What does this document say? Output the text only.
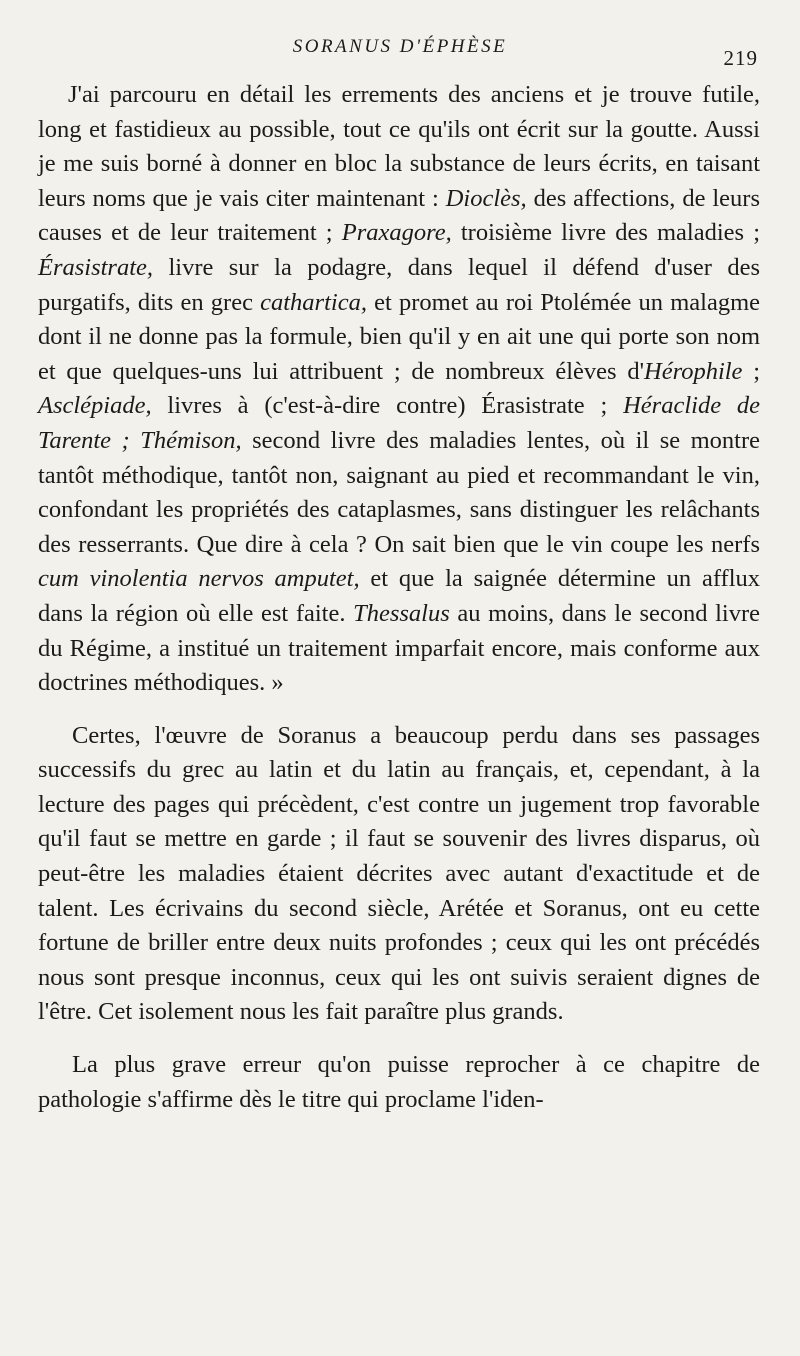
SORANUS D'ÉPHÈSE	219

J'ai parcouru en détail les errements des anciens et je trouve futile, long et fastidieux au possible, tout ce qu'ils ont écrit sur la goutte. Aussi je me suis borné à donner en bloc la substance de leurs écrits, en taisant leurs noms que je vais citer maintenant : Dioclès, des affections, de leurs causes et de leur traitement ; Praxagore, troisième livre des maladies ; Érasistrate, livre sur la podagre, dans lequel il défend d'user des purgatifs, dits en grec cathartica, et promet au roi Ptolémée un malagme dont il ne donne pas la formule, bien qu'il y en ait une qui porte son nom et que quelques-uns lui attribuent ; de nombreux élèves d'Hérophile ; Asclépiade, livres à (c'est-à-dire contre) Érasistrate ; Héraclide de Tarente ; Thémison, second livre des maladies lentes, où il se montre tantôt méthodique, tantôt non, saignant au pied et recommandant le vin, confondant les propriétés des cataplasmes, sans distinguer les relâchants des resserrants. Que dire à cela ? On sait bien que le vin coupe les nerfs cum vinolentia nervos amputet, et que la saignée détermine un afflux dans la région où elle est faite. Thessalus au moins, dans le second livre du Régime, a institué un traitement imparfait encore, mais conforme aux doctrines méthodiques. »

Certes, l'œuvre de Soranus a beaucoup perdu dans ses passages successifs du grec au latin et du latin au français, et, cependant, à la lecture des pages qui précèdent, c'est contre un jugement trop favorable qu'il faut se mettre en garde ; il faut se souvenir des livres disparus, où peut-être les maladies étaient décrites avec autant d'exactitude et de talent. Les écrivains du second siècle, Arétée et Soranus, ont eu cette fortune de briller entre deux nuits profondes ; ceux qui les ont précédés nous sont presque inconnus, ceux qui les ont suivis seraient dignes de l'être. Cet isolement nous les fait paraître plus grands.

La plus grave erreur qu'on puisse reprocher à ce chapitre de pathologie s'affirme dès le titre qui proclame l'iden-
